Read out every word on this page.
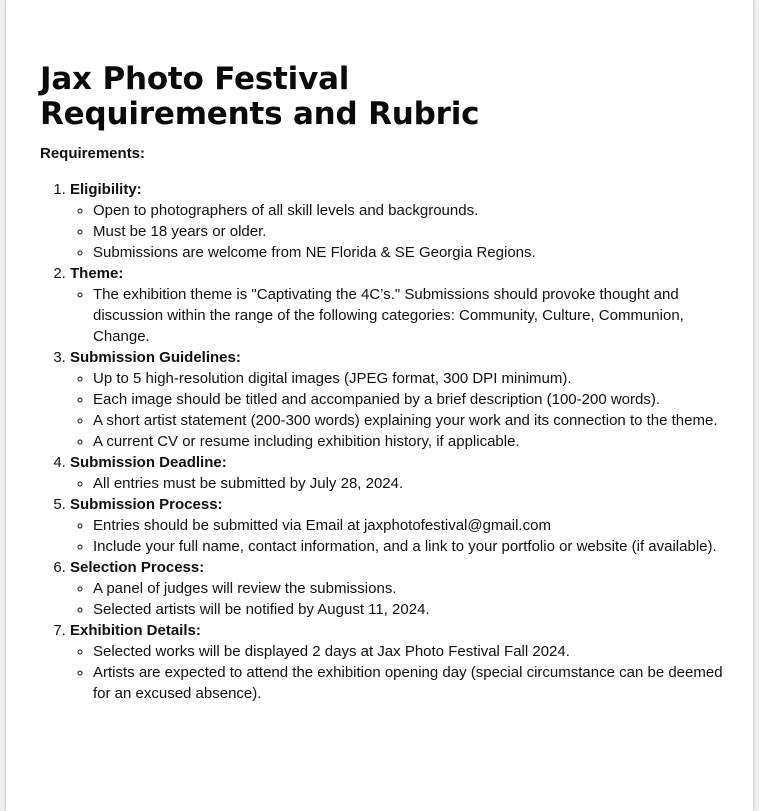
Jax Photo Festival
Requirements and Rubric
Requirements:
1. Eligibility:
◦ Open to photographers of all skill levels and backgrounds.
◦ Must be 18 years or older.
◦ Submissions are welcome from NE Florida & SE Georgia Regions.
2. Theme:
◦ The exhibition theme is "Captivating the 4C’s." Submissions should provoke thought and discussion within the range of the following categories: Community, Culture, Communion, Change.
3. Submission Guidelines:
◦ Up to 5 high-resolution digital images (JPEG format, 300 DPI minimum).
◦ Each image should be titled and accompanied by a brief description (100-200 words).
◦ A short artist statement (200-300 words) explaining your work and its connection to the theme.
◦ A current CV or resume including exhibition history, if applicable.
4. Submission Deadline:
◦ All entries must be submitted by July 28, 2024.
5. Submission Process:
◦ Entries should be submitted via Email at jaxphotofestival@gmail.com
◦ Include your full name, contact information, and a link to your portfolio or website (if available).
6. Selection Process:
◦ A panel of judges will review the submissions.
◦ Selected artists will be notified by August 11, 2024.
7. Exhibition Details:
◦ Selected works will be displayed 2 days at Jax Photo Festival Fall 2024.
◦ Artists are expected to attend the exhibition opening day (special circumstance can be deemed for an excused absence).
